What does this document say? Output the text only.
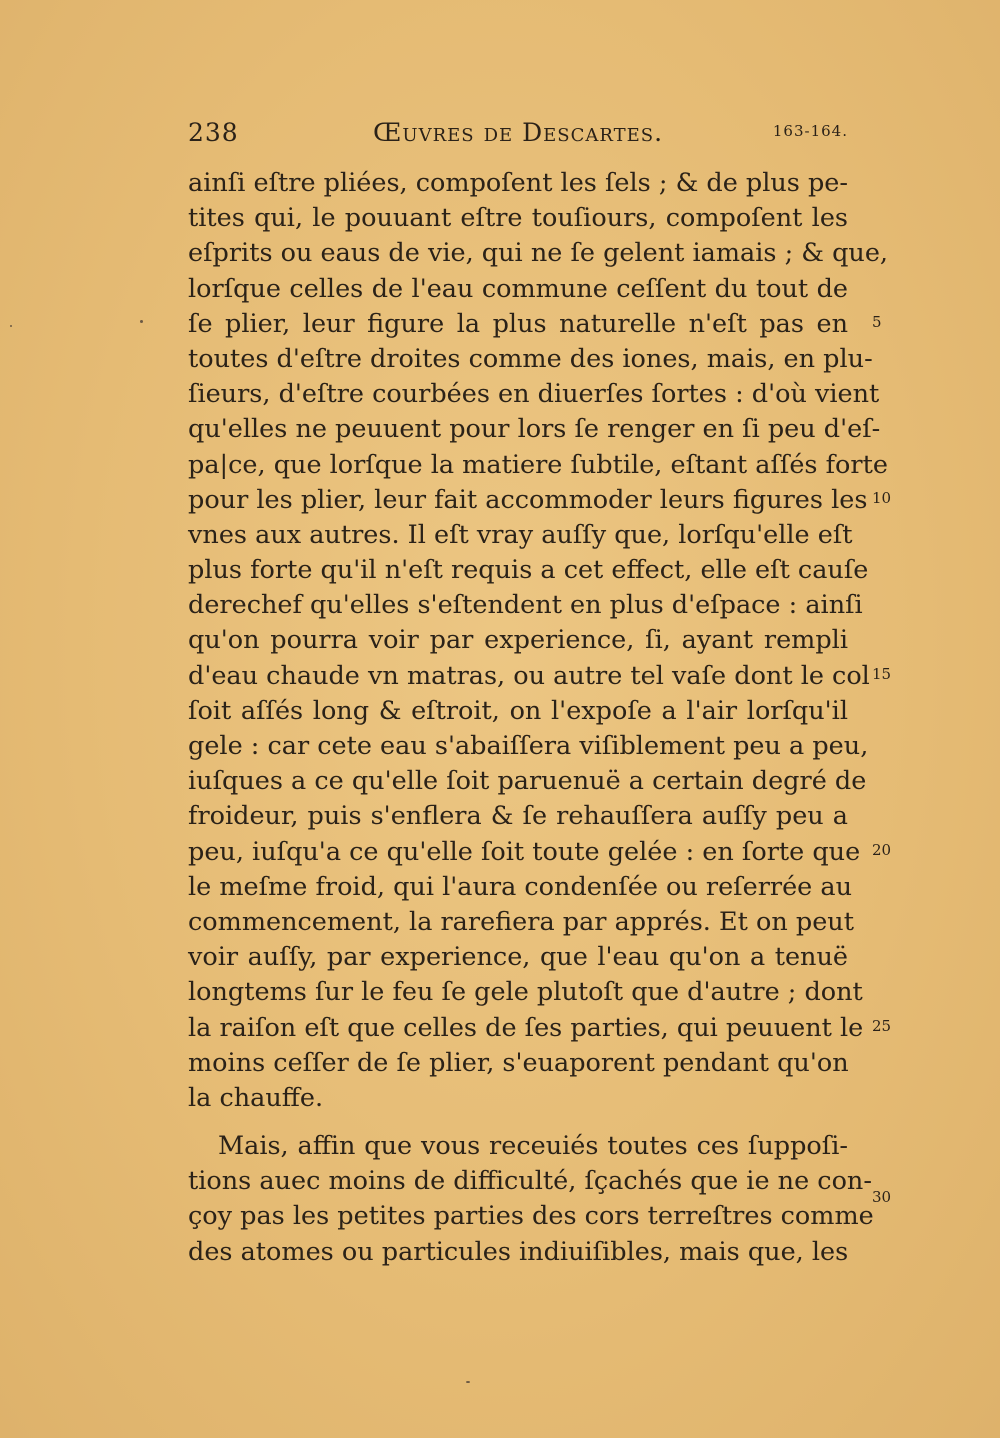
238	Œuvres de Descartes.	163-164.
ainſi eſtre pliées, compoſent les ſels ; & de plus pe-
tites qui, le pouuant eſtre touſiours, compoſent les
eſprits ou eaus de vie, qui ne ſe gelent iamais ; & que,
lorſque celles de l'eau commune ceſſent du tout de
ſe plier, leur figure la plus naturelle n'eſt pas en
toutes d'eſtre droites comme des iones, mais, en plu-
ſieurs, d'eſtre courbées en diuerſes ſortes : d'où vient
qu'elles ne peuuent pour lors ſe renger en ſi peu d'eſ-
pa|ce, que lorſque la matiere ſubtile, eſtant aſſés forte
pour les plier, leur fait accommoder leurs figures les
vnes aux autres. Il eſt vray auſſy que, lorſqu'elle eſt
plus forte qu'il n'eſt requis a cet effect, elle eſt cauſe
derechef qu'elles s'eſtendent en plus d'eſpace : ainſi
qu'on pourra voir par experience, ſi, ayant rempli
d'eau chaude vn matras, ou autre tel vaſe dont le col
ſoit aſſés long & eſtroit, on l'expoſe a l'air lorſqu'il
gele : car cete eau s'abaiſſera viſiblement peu a peu,
iuſques a ce qu'elle ſoit paruenuë a certain degré de
froideur, puis s'enflera & ſe rehauſſera auſſy peu a
peu, iuſqu'a ce qu'elle ſoit toute gelée : en ſorte que
le meſme froid, qui l'aura condenſée ou reſerrée au
commencement, la rarefiera par apprés. Et on peut
voir auſſy, par experience, que l'eau qu'on a tenuë
longtems ſur le feu ſe gele plutoſt que d'autre ; dont
la raiſon eſt que celles de ſes parties, qui peuuent le
moins ceſſer de ſe plier, s'euaporent pendant qu'on
la chauffe.
Mais, affin que vous receuiés toutes ces ſuppoſi-
tions auec moins de difficulté, ſçachés que ie ne con-
çoy pas les petites parties des cors terreſtres comme
des atomes ou particules indiuiſibles, mais que, les
5
10
15
20
25
30
